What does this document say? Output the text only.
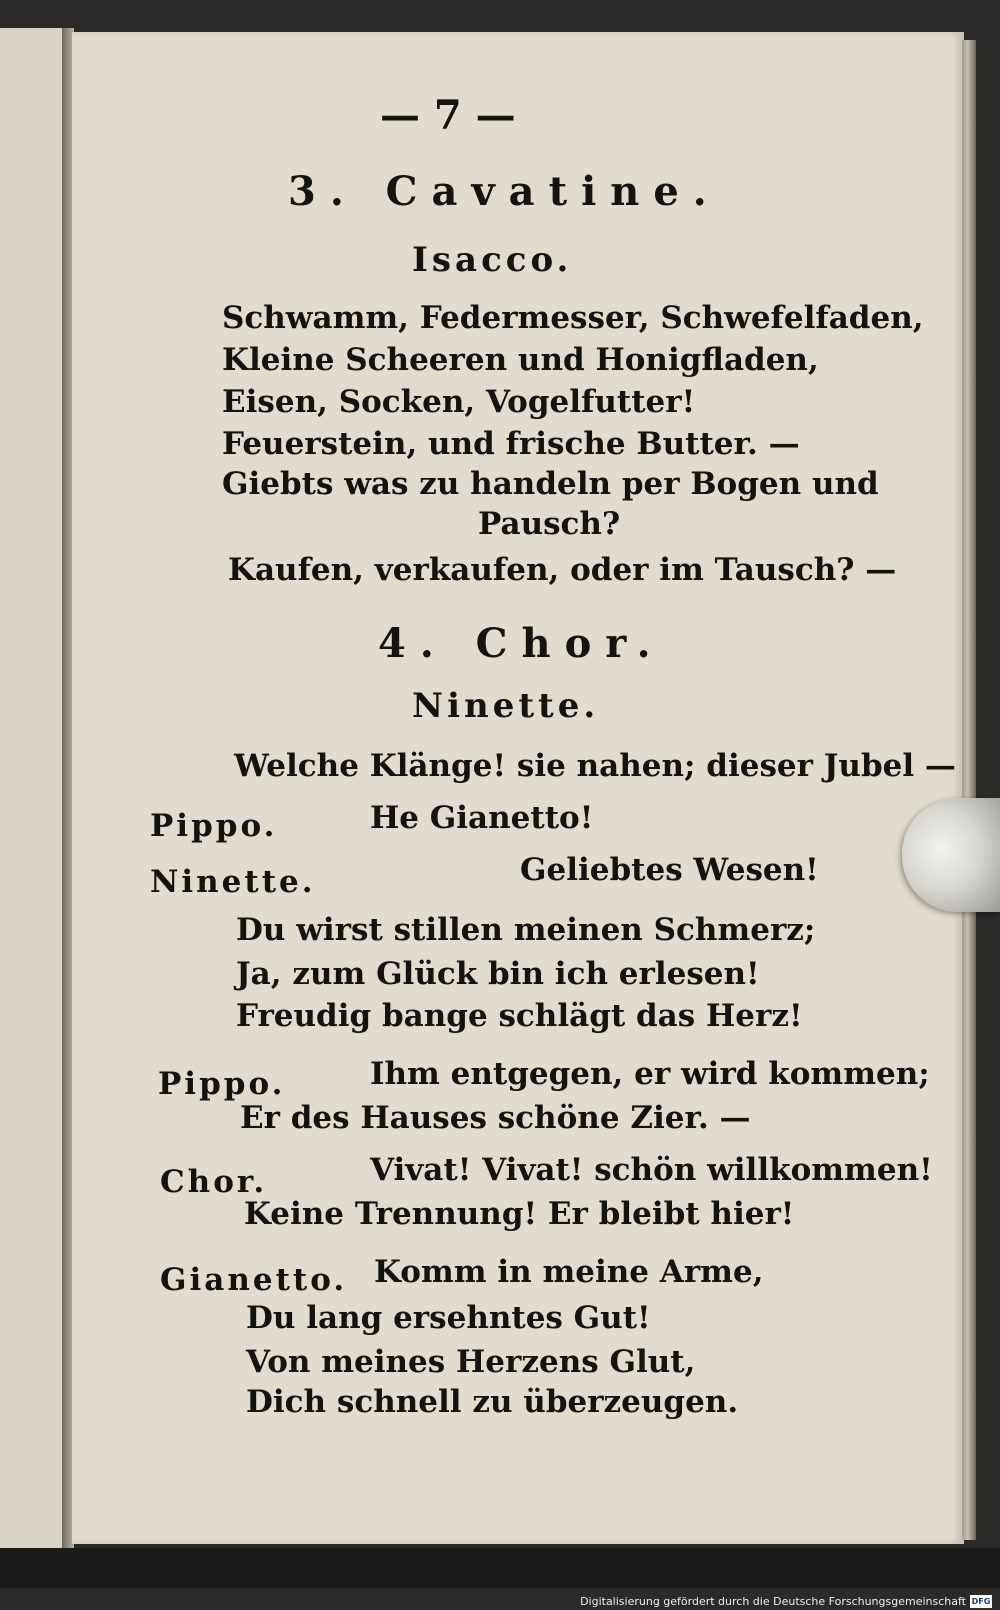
— 7 —

3. Cavatine.

Isacco.

Schwamm, Federmesser, Schwefelfaden,

Kleine Scheeren und Honigfladen,

Eisen, Socken, Vogelfutter!

Feuerstein, und frische Butter. —

Giebts was zu handeln per Bogen und

Pausch?

Kaufen, verkaufen, oder im Tausch? —

4. Chor.

Ninette.

Welche Klänge! sie nahen; dieser Jubel —

Pippo.	He Gianetto!

Ninette.	Geliebtes Wesen!

Du wirst stillen meinen Schmerz;

Ja, zum Glück bin ich erlesen!

Freudig bange schlägt das Herz!

Pippo.	Ihm entgegen, er wird kommen;

Er des Hauses schöne Zier. —

Chor.	Vivat! Vivat! schön willkommen!

Keine Trennung! Er bleibt hier!

Gianetto. Komm in meine Arme,

Du lang ersehntes Gut!

Von meines Herzens Glut,

Dich schnell zu überzeugen.

Digitalisierung gefördert durch die Deutsche Forschungsgemeinschaft DFG
